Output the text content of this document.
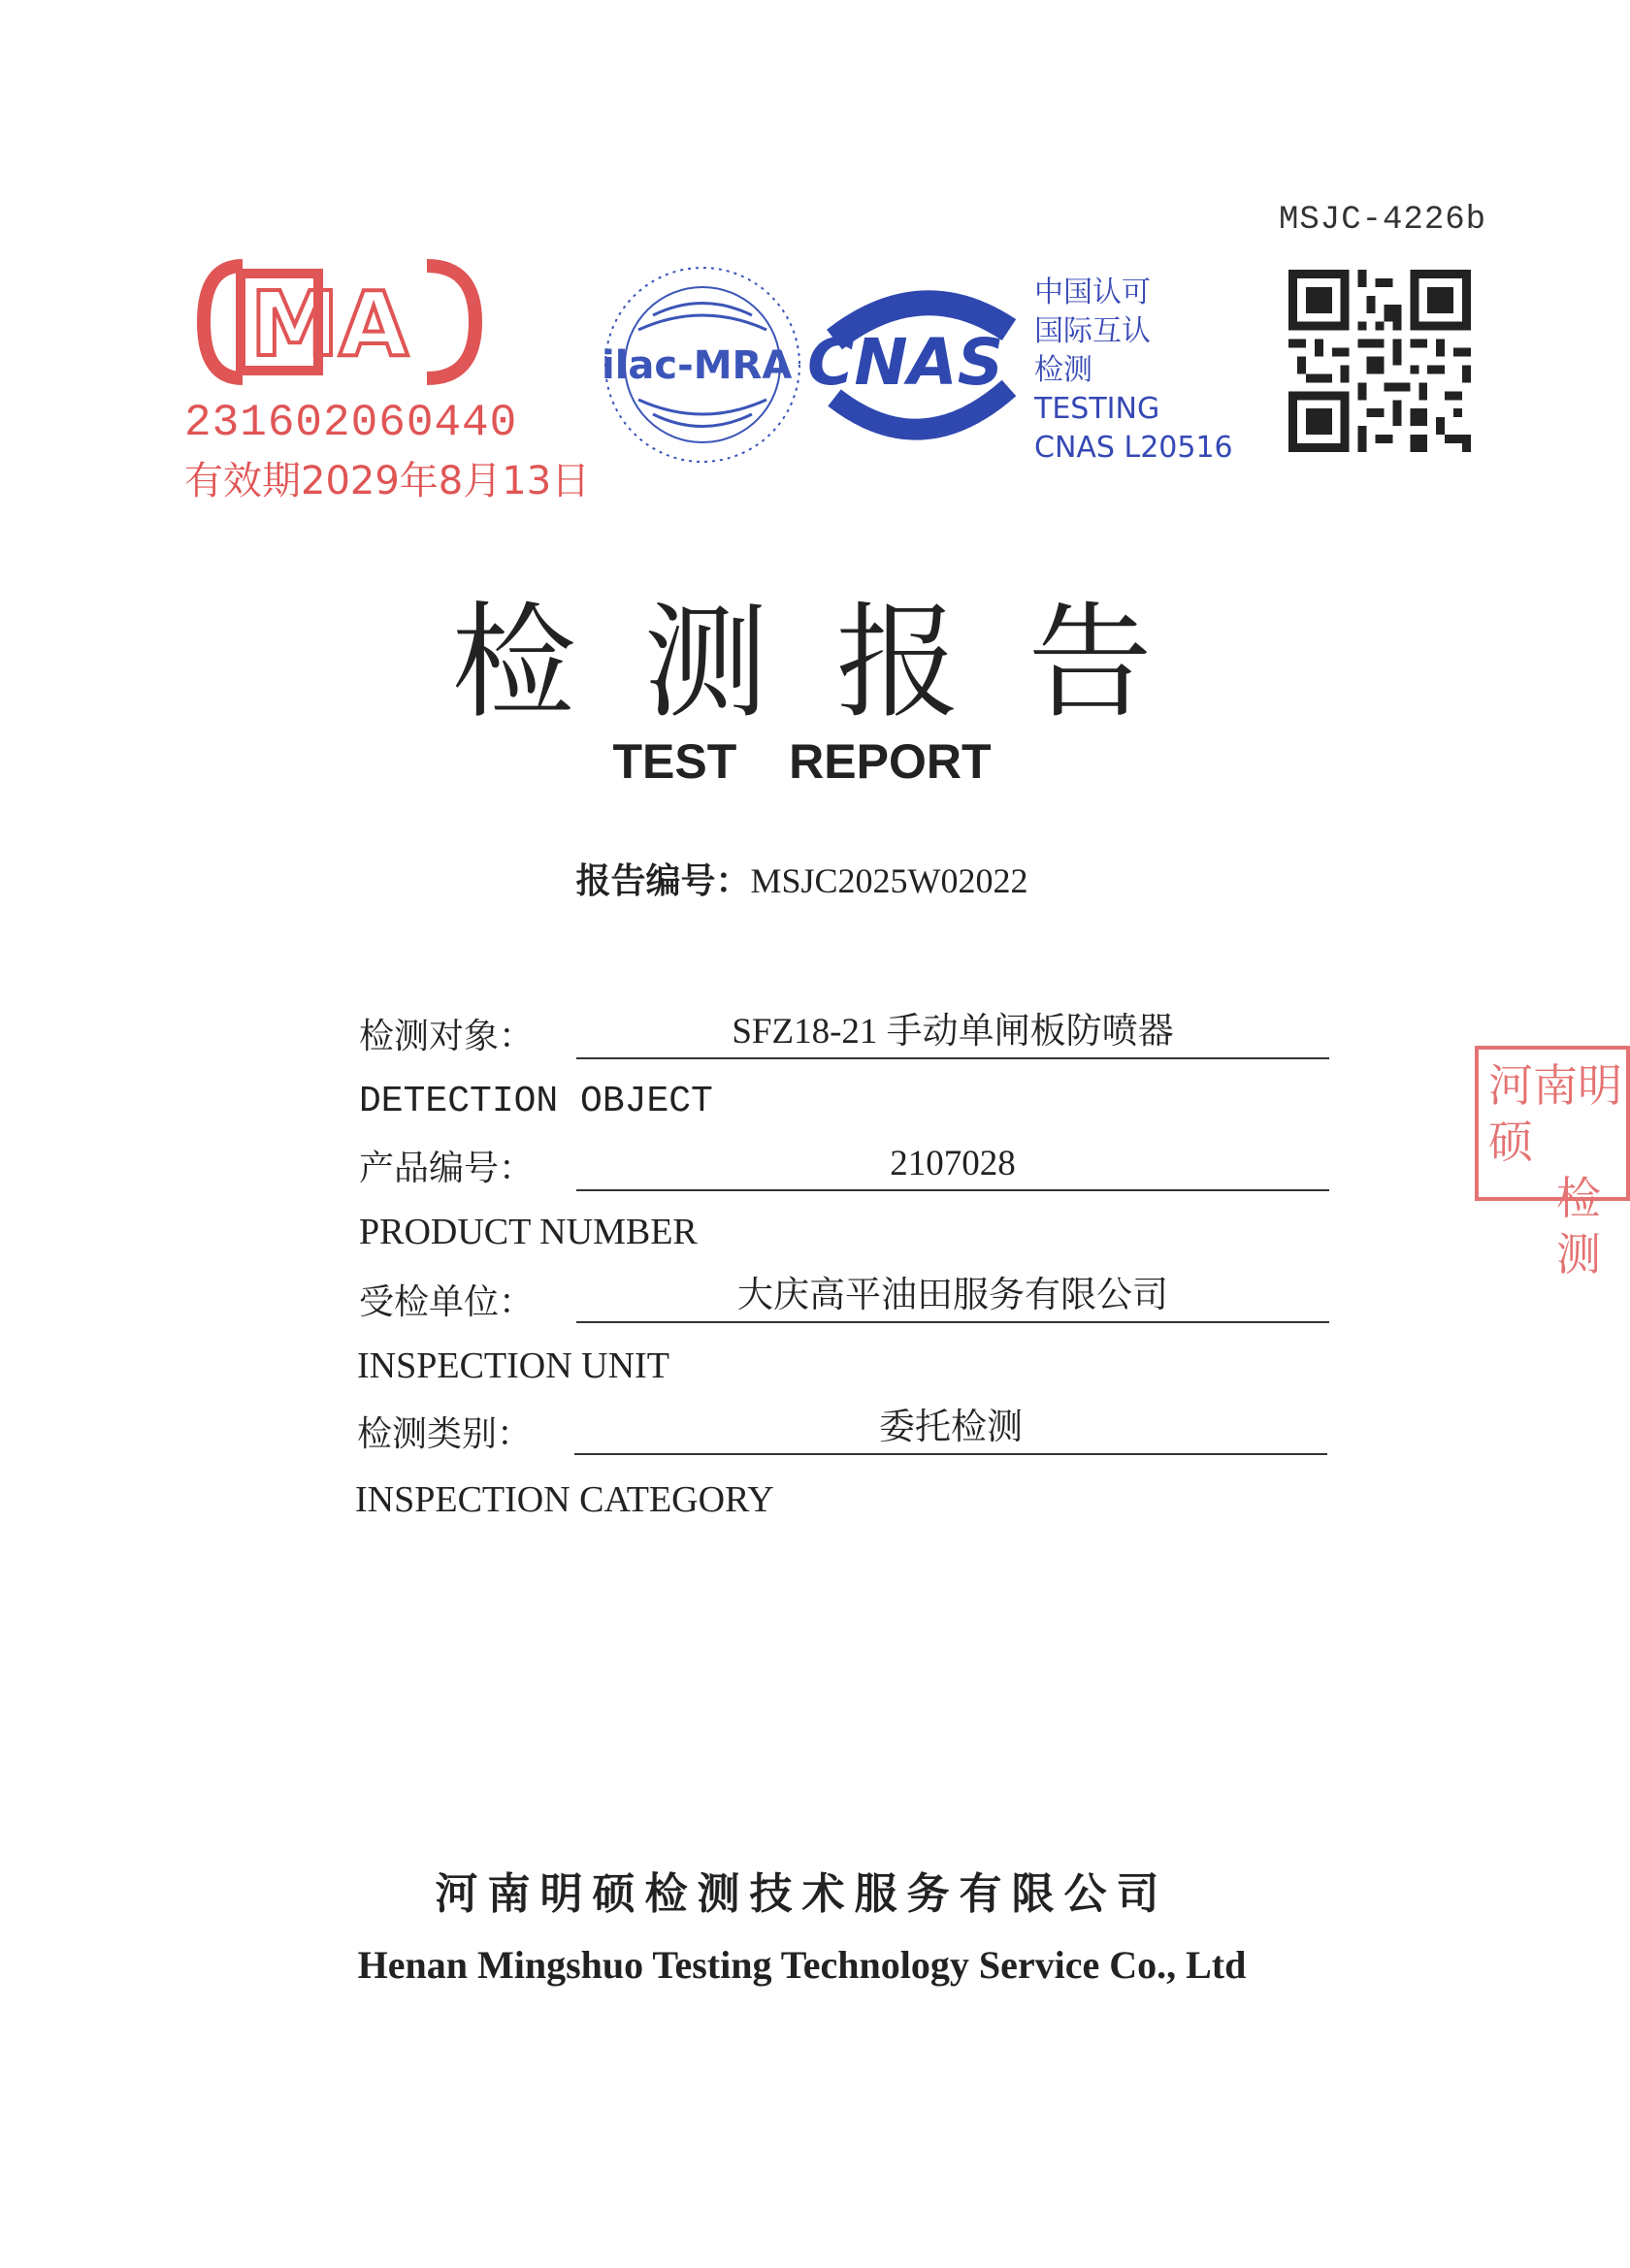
MSJC-4226b
MA
231602060440
有效期2029年8月13日
ilac-MRA CNAS
中国认可
国际互认
检测
TESTING
CNAS L20516
河南明硕
检测
检测报告
TEST REPORT
报告编号：MSJC2025W02022
检测对象：	SFZ18-21 手动单闸板防喷器
DETECTION OBJECT
产品编号：	2107028
PRODUCT NUMBER
受检单位：	大庆高平油田服务有限公司
INSPECTION UNIT
检测类别：	委托检测
INSPECTION CATEGORY
河南明硕检测技术服务有限公司
Henan Mingshuo Testing Technology Service Co., Ltd
